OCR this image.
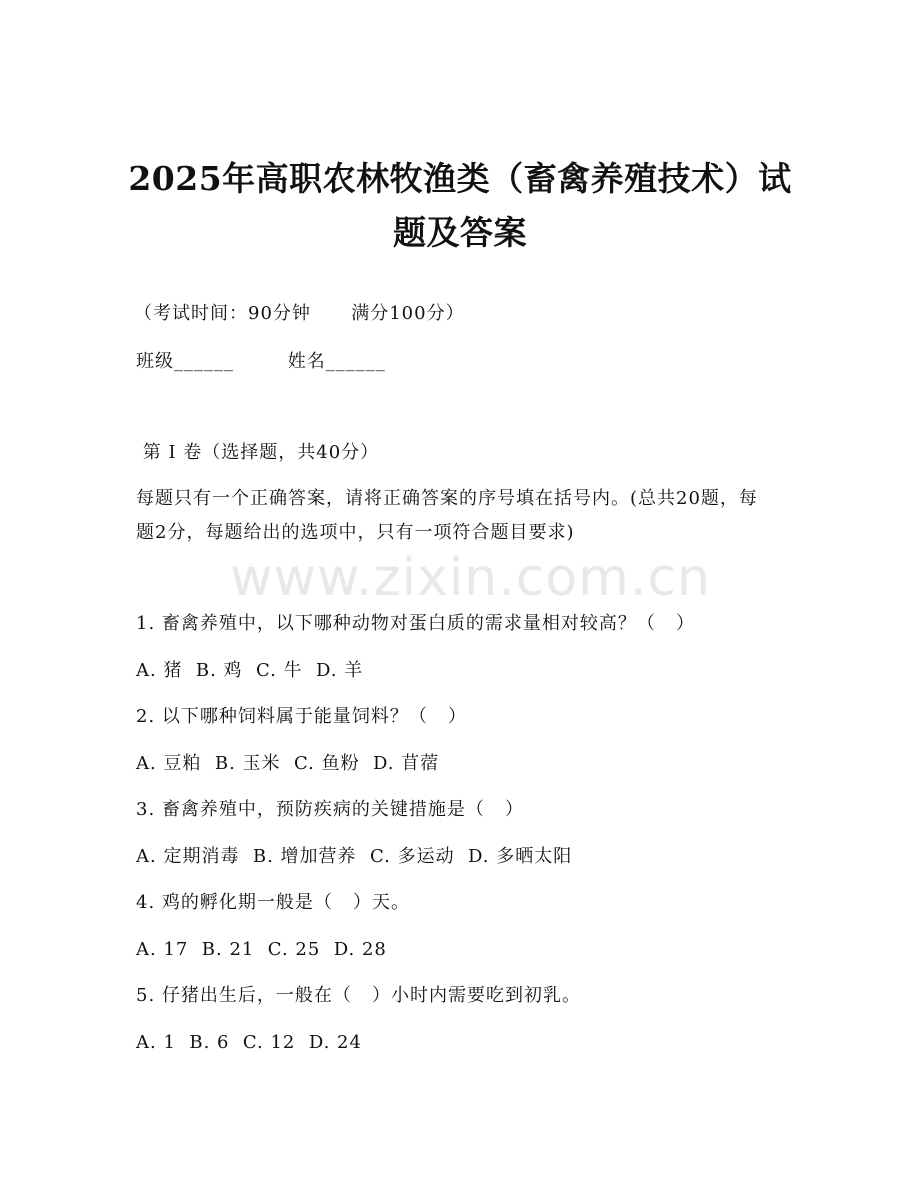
www.zixin.com.cn
2025年高职农林牧渔类（畜禽养殖技术）试
题及答案
（考试时间：90分钟      满分100分）
班级______        姓名______
第 I 卷（选择题，共40分）
每题只有一个正确答案，请将正确答案的序号填在括号内。(总共20题，每题2分，每题给出的选项中，只有一项符合题目要求)
1. 畜禽养殖中，以下哪种动物对蛋白质的需求量相对较高？（   ）
A. 猪  B. 鸡  C. 牛  D. 羊
2. 以下哪种饲料属于能量饲料？（   ）
A. 豆粕  B. 玉米  C. 鱼粉  D. 苜蓿
3. 畜禽养殖中，预防疾病的关键措施是（   ）
A. 定期消毒  B. 增加营养  C. 多运动  D. 多晒太阳
4. 鸡的孵化期一般是（   ）天。
A. 17  B. 21  C. 25  D. 28
5. 仔猪出生后，一般在（   ）小时内需要吃到初乳。
A. 1  B. 6  C. 12  D. 24
